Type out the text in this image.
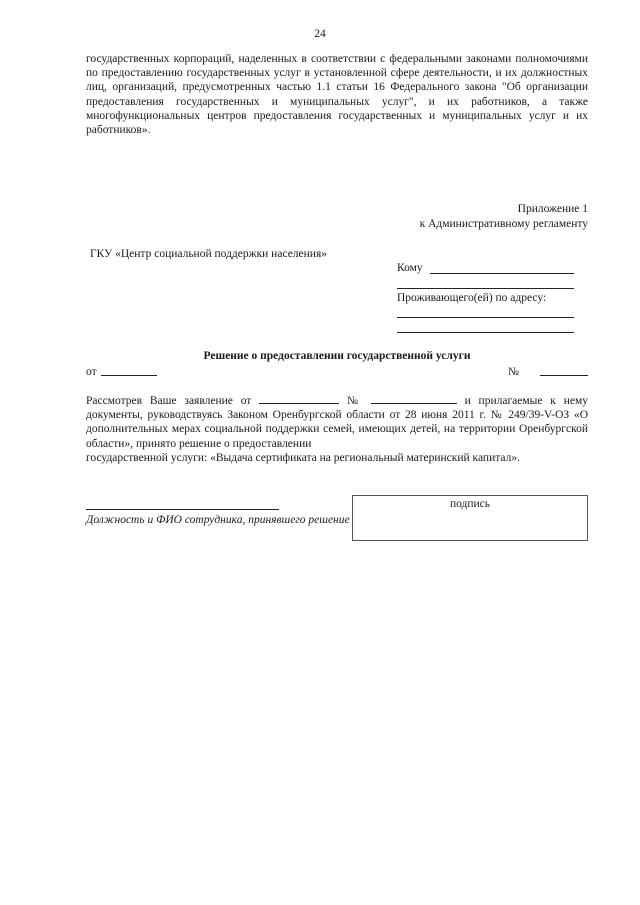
24

государственных корпораций, наделенных в соответствии с федеральными законами полномочиями по предоставлению государственных услуг в установленной сфере деятельности, и их должностных лиц, организаций, предусмотренных частью 1.1 статьи 16 Федерального закона "Об организации предоставления государственных и муниципальных услуг", и их работников, а также многофункциональных центров предоставления государственных и муниципальных услуг и их работников».

Приложение 1
к Административному регламенту
ГКУ «Центр социальной поддержки населения»
Кому
Проживающего(ей) по адресу:
Решение о предоставлении государственной услуги
от	№

Рассмотрев Ваше заявление от	№	и прилагаемые к нему документы, руководствуясь Законом Оренбургской области от 28 июня 2011 г. № 249/39-V-ОЗ «О дополнительных мерах социальной поддержки семей, имеющих детей, на территории Оренбургской области», принято решение о предоставлении

государственной услуги: «Выдача сертификата на региональный материнский капитал».

Должность и ФИО сотрудника, принявшего решение
подпись
